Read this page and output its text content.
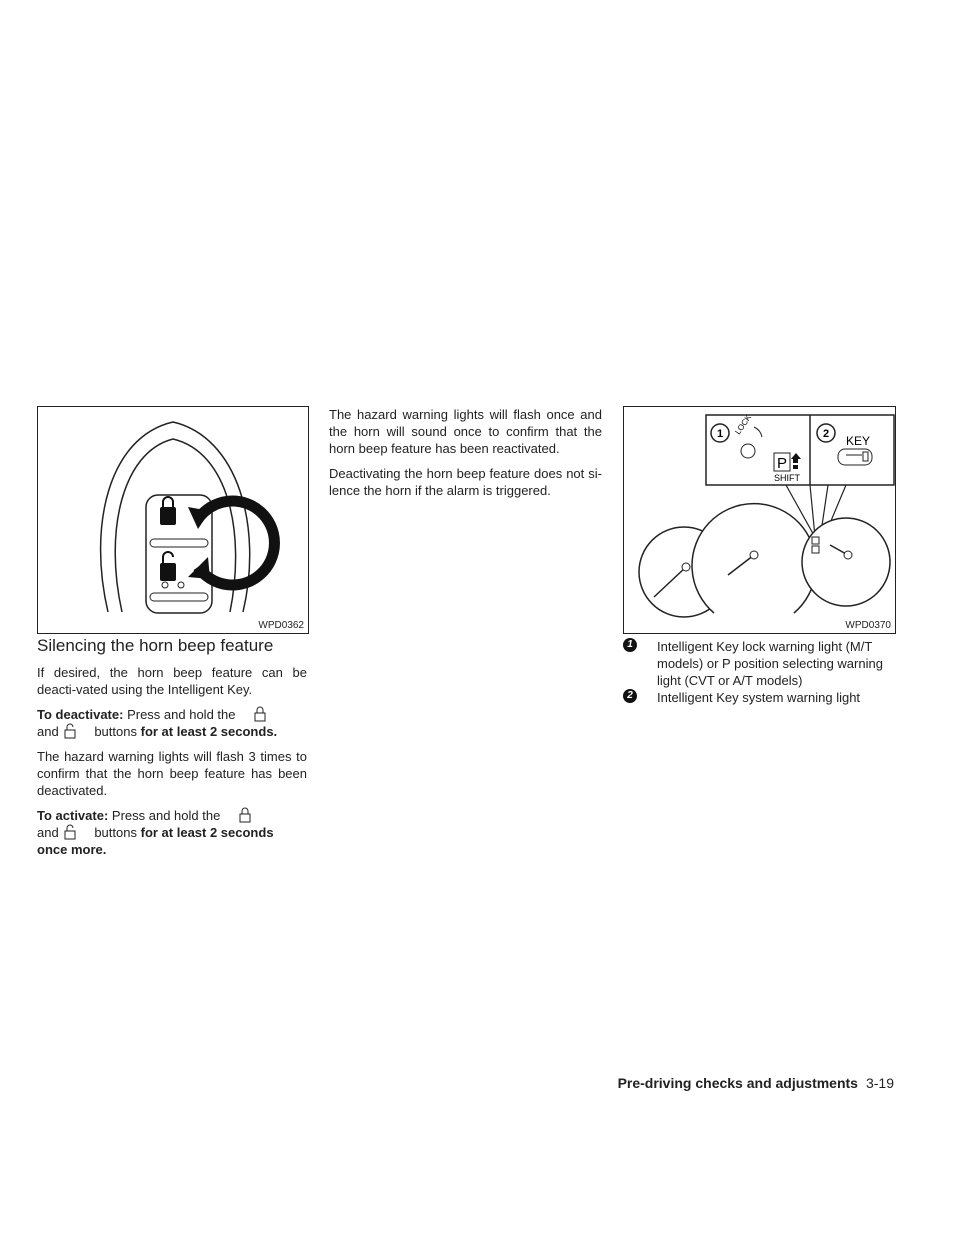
WPD0362
Silencing the horn beep feature

If desired, the horn beep feature can be deacti-vated using the Intelligent Key.

To deactivate: Press and hold the
and	buttons for at least 2 seconds.

The hazard warning lights will flash 3 times to confirm that the horn beep feature has been deactivated.

To activate: Press and hold the
and	buttons for at least 2 seconds
once more.

The hazard warning lights will flash once and the horn will sound once to confirm that the horn beep feature has been reactivated.

Deactivating the horn beep feature does not si-lence the horn if the alarm is triggered.

1	2
LOCK
P
SHIFT
KEY
WPD0370
1	Intelligent Key lock warning light (M/T models) or P position selecting warning light (CVT or A/T models)
2	Intelligent Key system warning light
Pre-driving checks and adjustments 3-19
